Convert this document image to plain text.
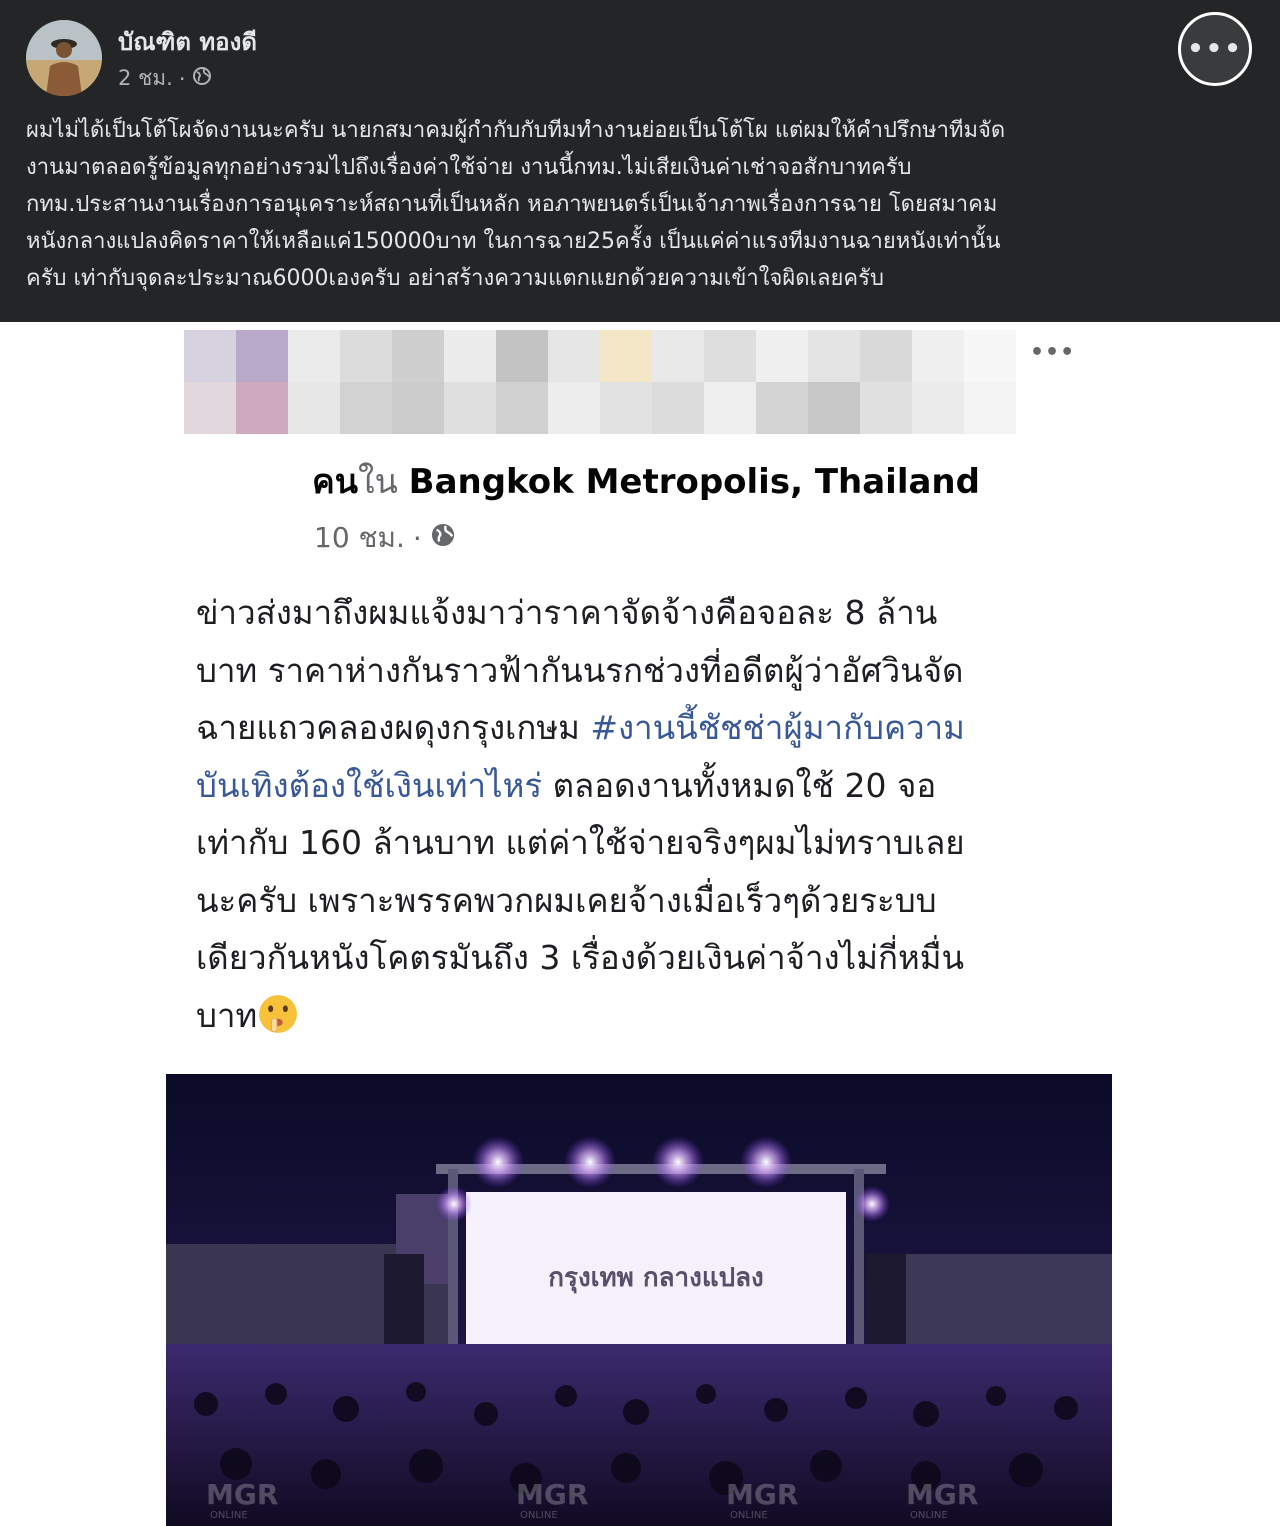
บัณฑิต ทองดี
2 ชม. ·
•••
ผมไม่ได้เป็นโต้โผจัดงานนะครับ นายกสมาคมผู้กำกับกับทีมทำงานย่อยเป็นโต้โผ แต่ผมให้คำปรึกษาทีมจัด
งานมาตลอดรู้ข้อมูลทุกอย่างรวมไปถึงเรื่องค่าใช้จ่าย งานนี้กทม.ไม่เสียเงินค่าเช่าจอสักบาทครับ
กทม.ประสานงานเรื่องการอนุเคราะห์สถานที่เป็นหลัก หอภาพยนตร์เป็นเจ้าภาพเรื่องการฉาย โดยสมาคม
หนังกลางแปลงคิดราคาให้เหลือแค่150000บาท ในการฉาย25ครั้ง เป็นแค่ค่าแรงทีมงานฉายหนังเท่านั้น
ครับ เท่ากับจุดละประมาณ6000เองครับ อย่าสร้างความแตกแยกด้วยความเข้าใจผิดเลยครับ
•••
คนใน Bangkok Metropolis, Thailand
10 ชม. ·
ข่าวส่งมาถึงผมแจ้งมาว่าราคาจัดจ้างคือจอละ 8 ล้าน
บาท ราคาห่างกันราวฟ้ากันนรกช่วงที่อดีตผู้ว่าอัศวินจัด
ฉายแถวคลองผดุงกรุงเกษม #งานนี้ชัชช่าผู้มากับความ
บันเทิงต้องใช้เงินเท่าไหร่ ตลอดงานทั้งหมดใช้ 20 จอ
เท่ากับ 160 ล้านบาท แต่ค่าใช้จ่ายจริงๆผมไม่ทราบเลย
นะครับ เพราะพรรคพวกผมเคยจ้างเมื่อเร็วๆด้วยระบบ
เดียวกันหนังโคตรมันถึง 3 เรื่องด้วยเงินค่าจ้างไม่กี่หมื่น
บาท
กรุงเทพ กลางแปลง
MGR	MGR	MGR	MGR
ONLINE	ONLINE	ONLINE	ONLINE
